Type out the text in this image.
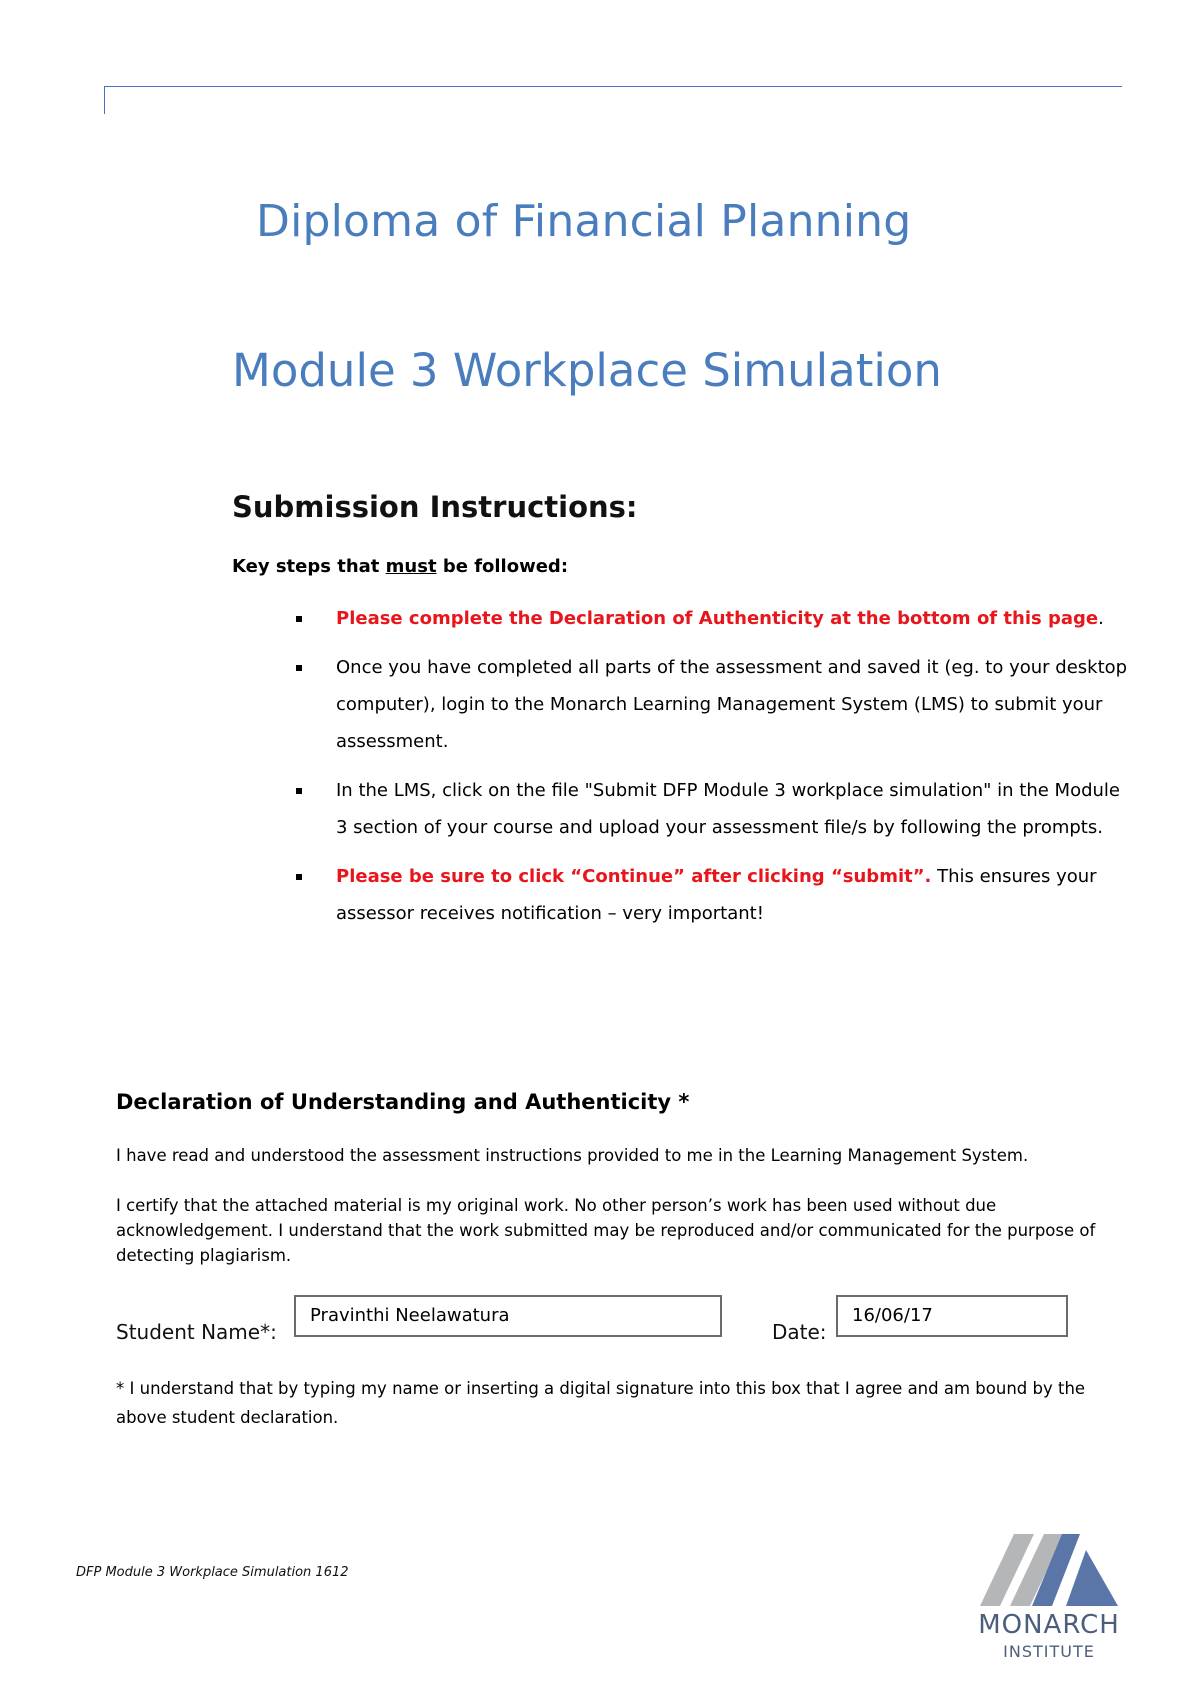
Diploma of Financial Planning
Module 3 Workplace Simulation
Submission Instructions:
Key steps that must be followed:
Please complete the Declaration of Authenticity at the bottom of this page.
Once you have completed all parts of the assessment and saved it (eg. to your desktop computer), login to the Monarch Learning Management System (LMS) to submit your assessment.
In the LMS, click on the file "Submit DFP Module 3 workplace simulation" in the Module 3 section of your course and upload your assessment file/s by following the prompts.
Please be sure to click “Continue” after clicking “submit”. This ensures your assessor receives notification – very important!
Declaration of Understanding and Authenticity *

I have read and understood the assessment instructions provided to me in the Learning Management System.

I certify that the attached material is my original work. No other person’s work has been used without due acknowledgement. I understand that the work submitted may be reproduced and/or communicated for the purpose of detecting plagiarism.

Student Name*:
Pravinthi Neelawatura
Date:
16/06/17

* I understand that by typing my name or inserting a digital signature into this box that I agree and am bound by the above student declaration.

DFP Module 3 Workplace Simulation 1612
MONARCH
INSTITUTE
